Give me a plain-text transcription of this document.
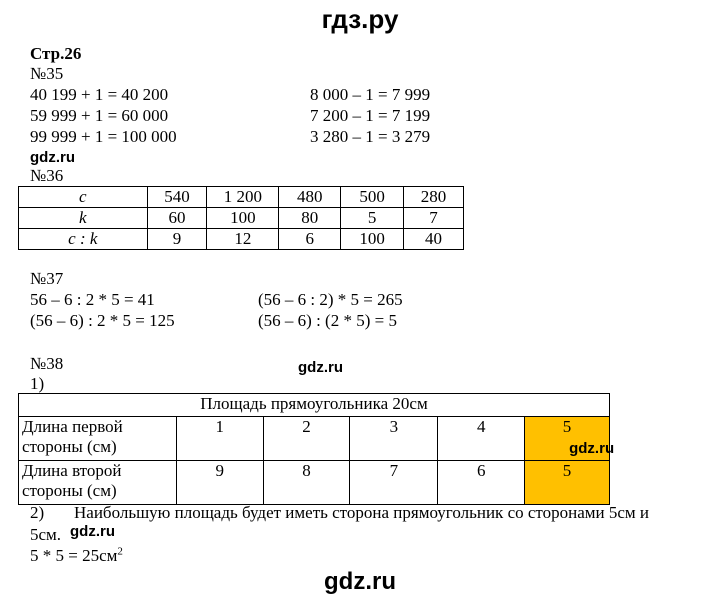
гдз.ру
Стр.26
№35
40 199 + 1 = 40 200
59 999 + 1 = 60 000
99 999 + 1 = 100 000
8 000 – 1 = 7 999
7 200 – 1 = 7 199
3 280 – 1 = 3 279
gdz.ru
№36
c	540	1 200	480	500	280
k	60	100	80	5	7
c : k	9	12	6	100	40
№37
56 – 6 : 2 * 5 = 41
(56 – 6) : 2 * 5 = 125
(56 – 6 : 2) * 5 = 265
(56 – 6) : (2 * 5) = 5
№38	gdz.ru
1)
Площадь прямоугольника 20см					
Длина первой
стороны (см)	1	2	3	4	5
gdz.ru

Длина второй
стороны (см)	9	8	7	6	5
2) Наибольшую площадь будет иметь сторона прямоугольник со сторонами 5см и
5см. gdz.ru
$5 * 5 = 25см^2$
gdz.ru
